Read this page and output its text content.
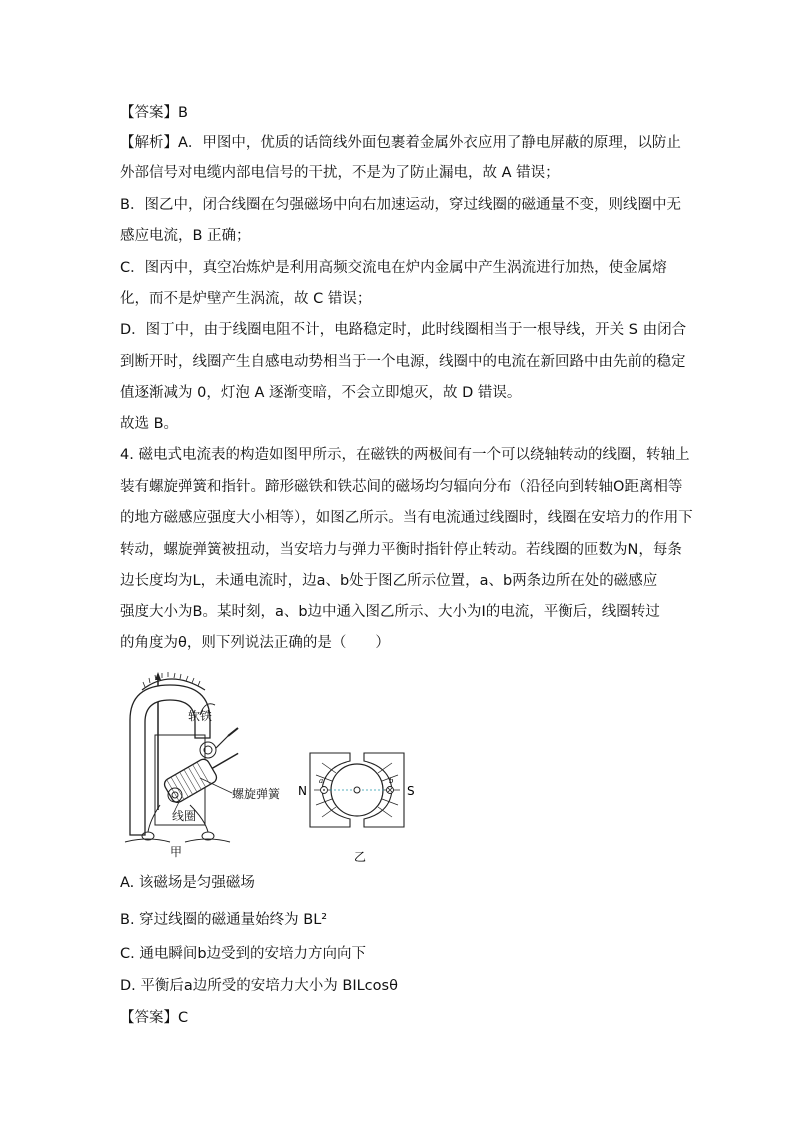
【答案】B
【解析】A．甲图中，优质的话筒线外面包裹着金属外衣应用了静电屏蔽的原理，以防止
外部信号对电缆内部电信号的干扰，不是为了防止漏电，故 A 错误；
B．图乙中，闭合线圈在匀强磁场中向右加速运动，穿过线圈的磁通量不变，则线圈中无
感应电流，B 正确；
C．图丙中，真空冶炼炉是利用高频交流电在炉内金属中产生涡流进行加热，使金属熔
化，而不是炉壁产生涡流，故 C 错误；
D．图丁中，由于线圈电阻不计，电路稳定时，此时线圈相当于一根导线，开关 S 由闭合
到断开时，线圈产生自感电动势相当于一个电源，线圈中的电流在新回路中由先前的稳定
值逐渐减为 0，灯泡 A 逐渐变暗，不会立即熄灭，故 D 错误。
故选 B。
4. 磁电式电流表的构造如图甲所示，在磁铁的两极间有一个可以绕轴转动的线圈，转轴上
装有螺旋弹簧和指针。蹄形磁铁和铁芯间的磁场均匀辐向分布（沿径向到转轴O距离相等
的地方磁感应强度大小相等），如图乙所示。当有电流通过线圈时，线圈在安培力的作用下
转动，螺旋弹簧被扭动，当安培力与弹力平衡时指针停止转动。若线圈的匝数为N，每条
边长度均为L，未通电流时，边a、b处于图乙所示位置，a、b两条边所在处的磁感应
强度大小为B。某时刻，a、b边中通入图乙所示、大小为I的电流，平衡后，线圈转过
的角度为θ，则下列说法正确的是（　　）
软铁
螺旋弹簧
线圈
甲
a	b
N	S
乙
A. 该磁场是匀强磁场
B. 穿过线圈的磁通量始终为 BL²
C. 通电瞬间b边受到的安培力方向向下
D. 平衡后a边所受的安培力大小为 BILcosθ
【答案】C
